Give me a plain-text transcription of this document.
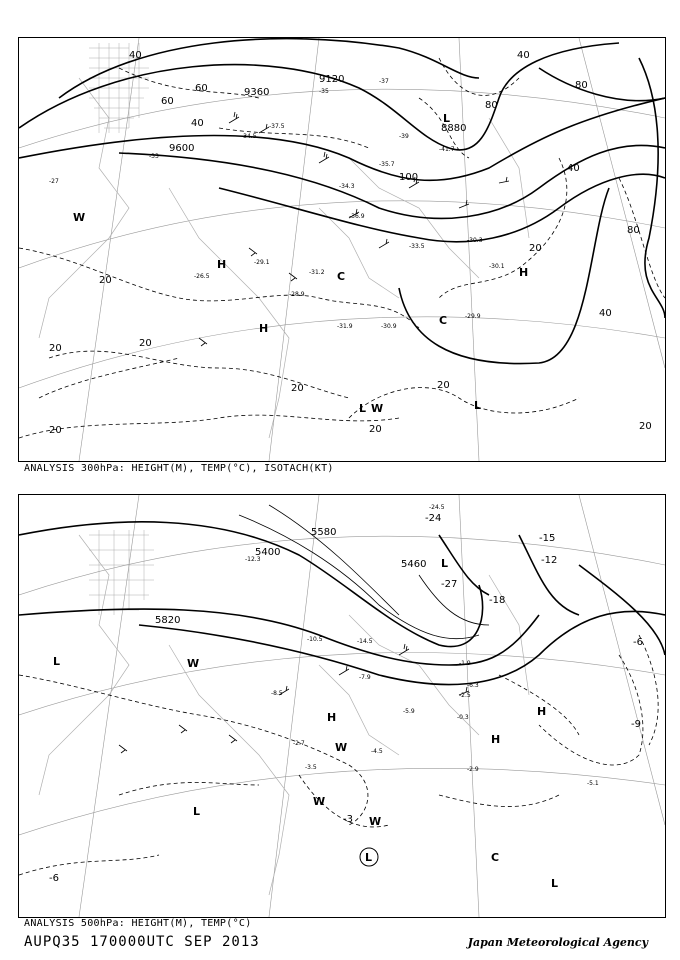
9120
9360
9600
8880
40
60
80
100
20
20
20
20
20	20
20
20
20
40
40
40
80
80
60
40
H
H
L
C
C
W
L	L
H
W
-27
-29.1
-31.2
-33.5
-30.3
-30.1
-29.9
-31.9
-28.9
-26.5
-33
-35
-37
-39
-41.7
-34.5
-35.7
-34.3
-37.5
-36.9
-30.9
ANALYSIS 300hPa: HEIGHT(M), TEMP(°C), ISOTACH(KT)
5400
5580
5820
5460
L
H
H
H
L
L
L
L
W
W
W
W
C
-3
-6
-6
-9
-12
-15
-18
-24
-27
-5.1
-2.9
-2.5
-0.3
-4.5
-5.9
-7.9
-8.5
-10.5
-12.3
-14.5
-2.7
-3.5
-1.9
-6.3
-24.5
ANALYSIS 500hPa: HEIGHT(M), TEMP(°C)
AUPQ35 170000UTC SEP 2013	Japan Meteorological Agency
